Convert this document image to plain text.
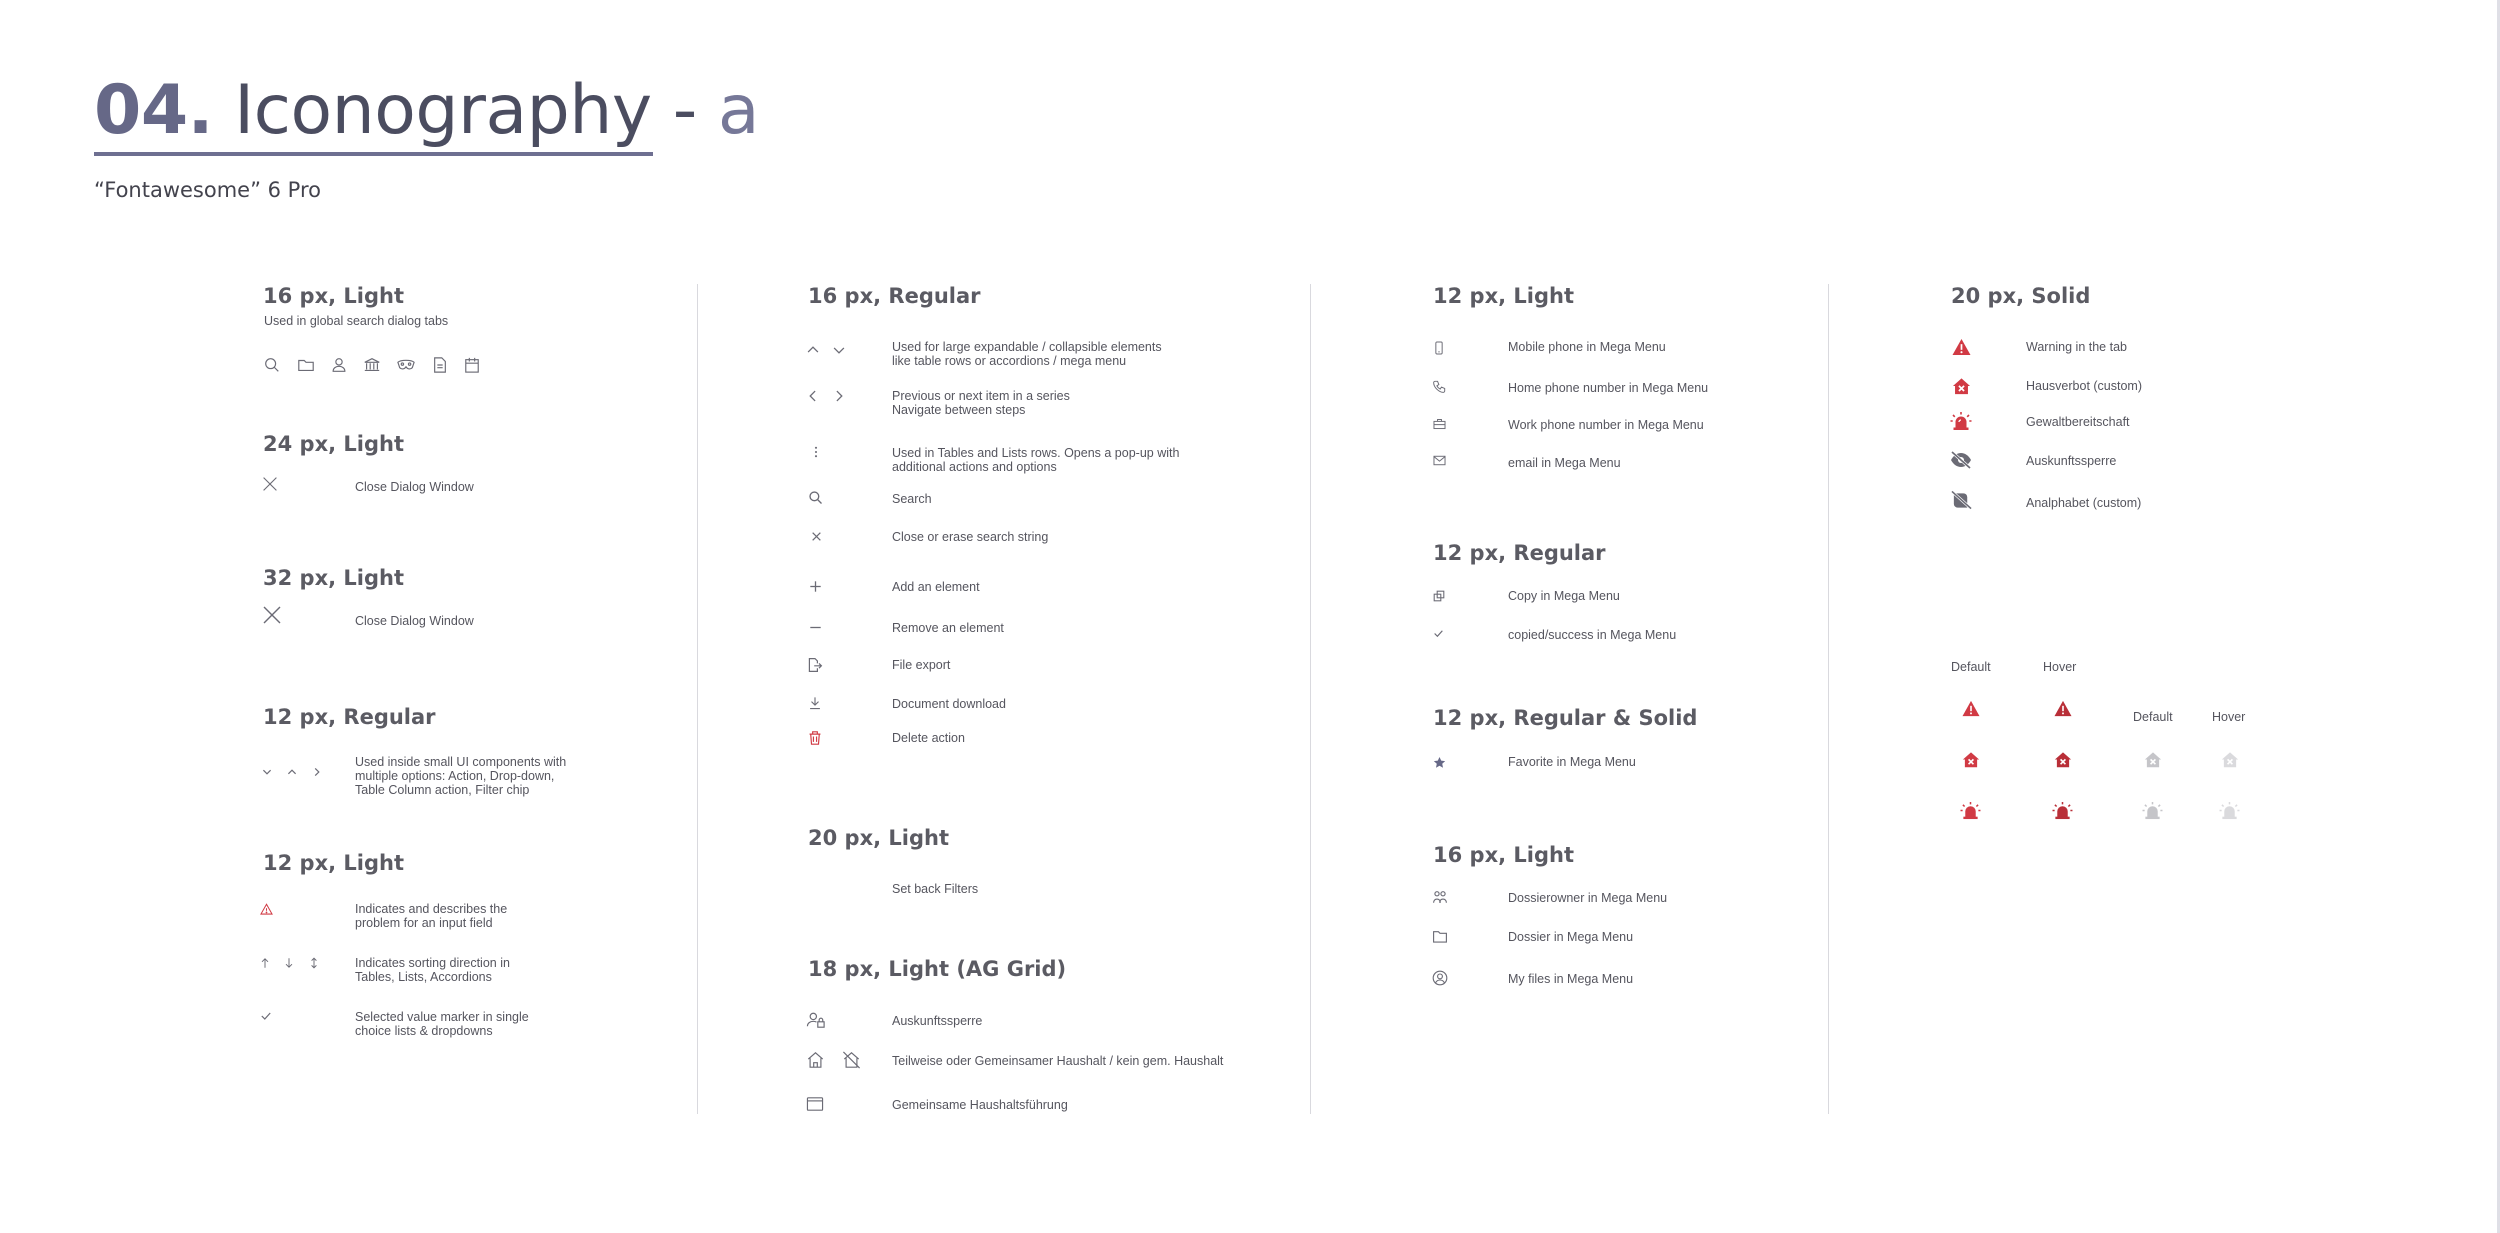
04. Iconography - a
“Fontawesome” 6 Pro
16 px, Light
Used in global search dialog tabs
24 px, Light
Close Dialog Window
32 px, Light
Close Dialog Window
12 px, Regular
Used inside small UI components with
multiple options: Action, Drop-down,
Table Column action, Filter chip
12 px, Light
Indicates and describes the
problem for an input field
Indicates sorting direction in
Tables, Lists, Accordions
Selected value marker in single
choice lists & dropdowns
16 px, Regular
Used for large expandable / collapsible elements
like table rows or accordions / mega menu
Previous or next item in a series
Navigate between steps
Used in Tables and Lists rows. Opens a pop-up with
additional actions and options
Search
Close or erase search string
Add an element
Remove an element
File export
Document download
Delete action
20 px, Light
Set back Filters
18 px, Light (AG Grid)
Auskunftssperre
Teilweise oder Gemeinsamer Haushalt / kein gem. Haushalt
Gemeinsame Haushaltsführung
12 px, Light
Mobile phone in Mega Menu
Home phone number in Mega Menu
Work phone number in Mega Menu
email in Mega Menu
12 px, Regular
Copy in Mega Menu
copied/success in Mega Menu
12 px, Regular & Solid
Favorite in Mega Menu
16 px, Light
Dossierowner in Mega Menu
Dossier in Mega Menu
My files in Mega Menu
20 px, Solid
Warning in the tab
Hausverbot (custom)
Gewaltbereitschaft
Auskunftssperre
Analphabet (custom)
Default	Hover
Default	Hover
